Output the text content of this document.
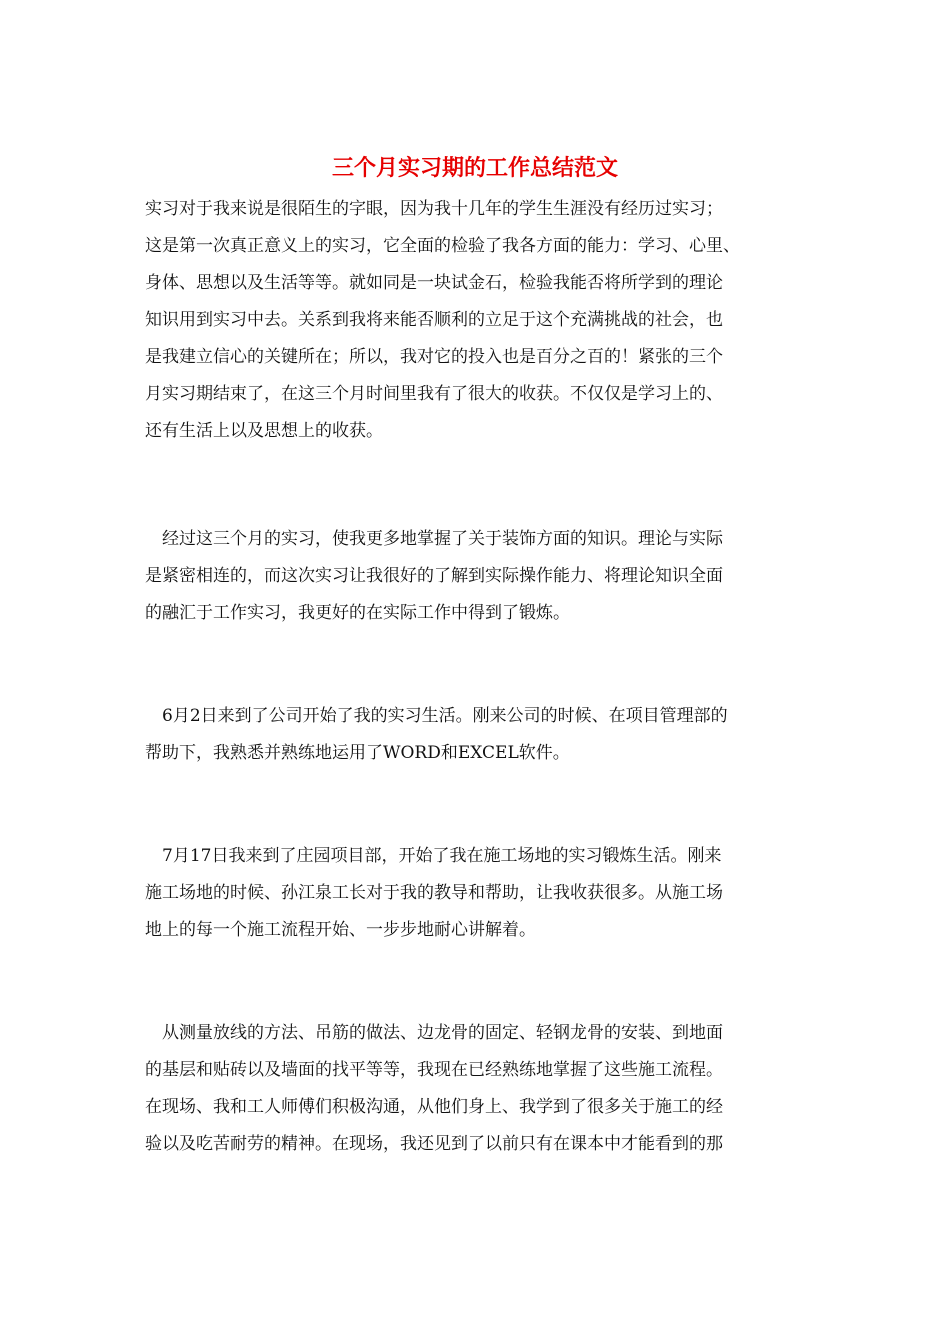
三个月实习期的工作总结范文

实习对于我来说是很陌生的字眼，因为我十几年的学生生涯没有经历过实习；
这是第一次真正意义上的实习，它全面的检验了我各方面的能力：学习、心里、
身体、思想以及生活等等。就如同是一块试金石，检验我能否将所学到的理论
知识用到实习中去。关系到我将来能否顺利的立足于这个充满挑战的社会，也
是我建立信心的关键所在；所以，我对它的投入也是百分之百的！紧张的三个
月实习期结束了，在这三个月时间里我有了很大的收获。不仅仅是学习上的、
还有生活上以及思想上的收获。

　经过这三个月的实习，使我更多地掌握了关于装饰方面的知识。理论与实际
是紧密相连的，而这次实习让我很好的了解到实际操作能力、将理论知识全面
的融汇于工作实习，我更好的在实际工作中得到了锻炼。

　6月2日来到了公司开始了我的实习生活。刚来公司的时候、在项目管理部的
帮助下，我熟悉并熟练地运用了WORD和EXCEL软件。

　7月17日我来到了庄园项目部，开始了我在施工场地的实习锻炼生活。刚来
施工场地的时候、孙江泉工长对于我的教导和帮助，让我收获很多。从施工场
地上的每一个施工流程开始、一步步地耐心讲解着。

　从测量放线的方法、吊筋的做法、边龙骨的固定、轻钢龙骨的安装、到地面
的基层和贴砖以及墙面的找平等等，我现在已经熟练地掌握了这些施工流程。
在现场、我和工人师傅们积极沟通，从他们身上、我学到了很多关于施工的经
验以及吃苦耐劳的精神。在现场，我还见到了以前只有在课本中才能看到的那
